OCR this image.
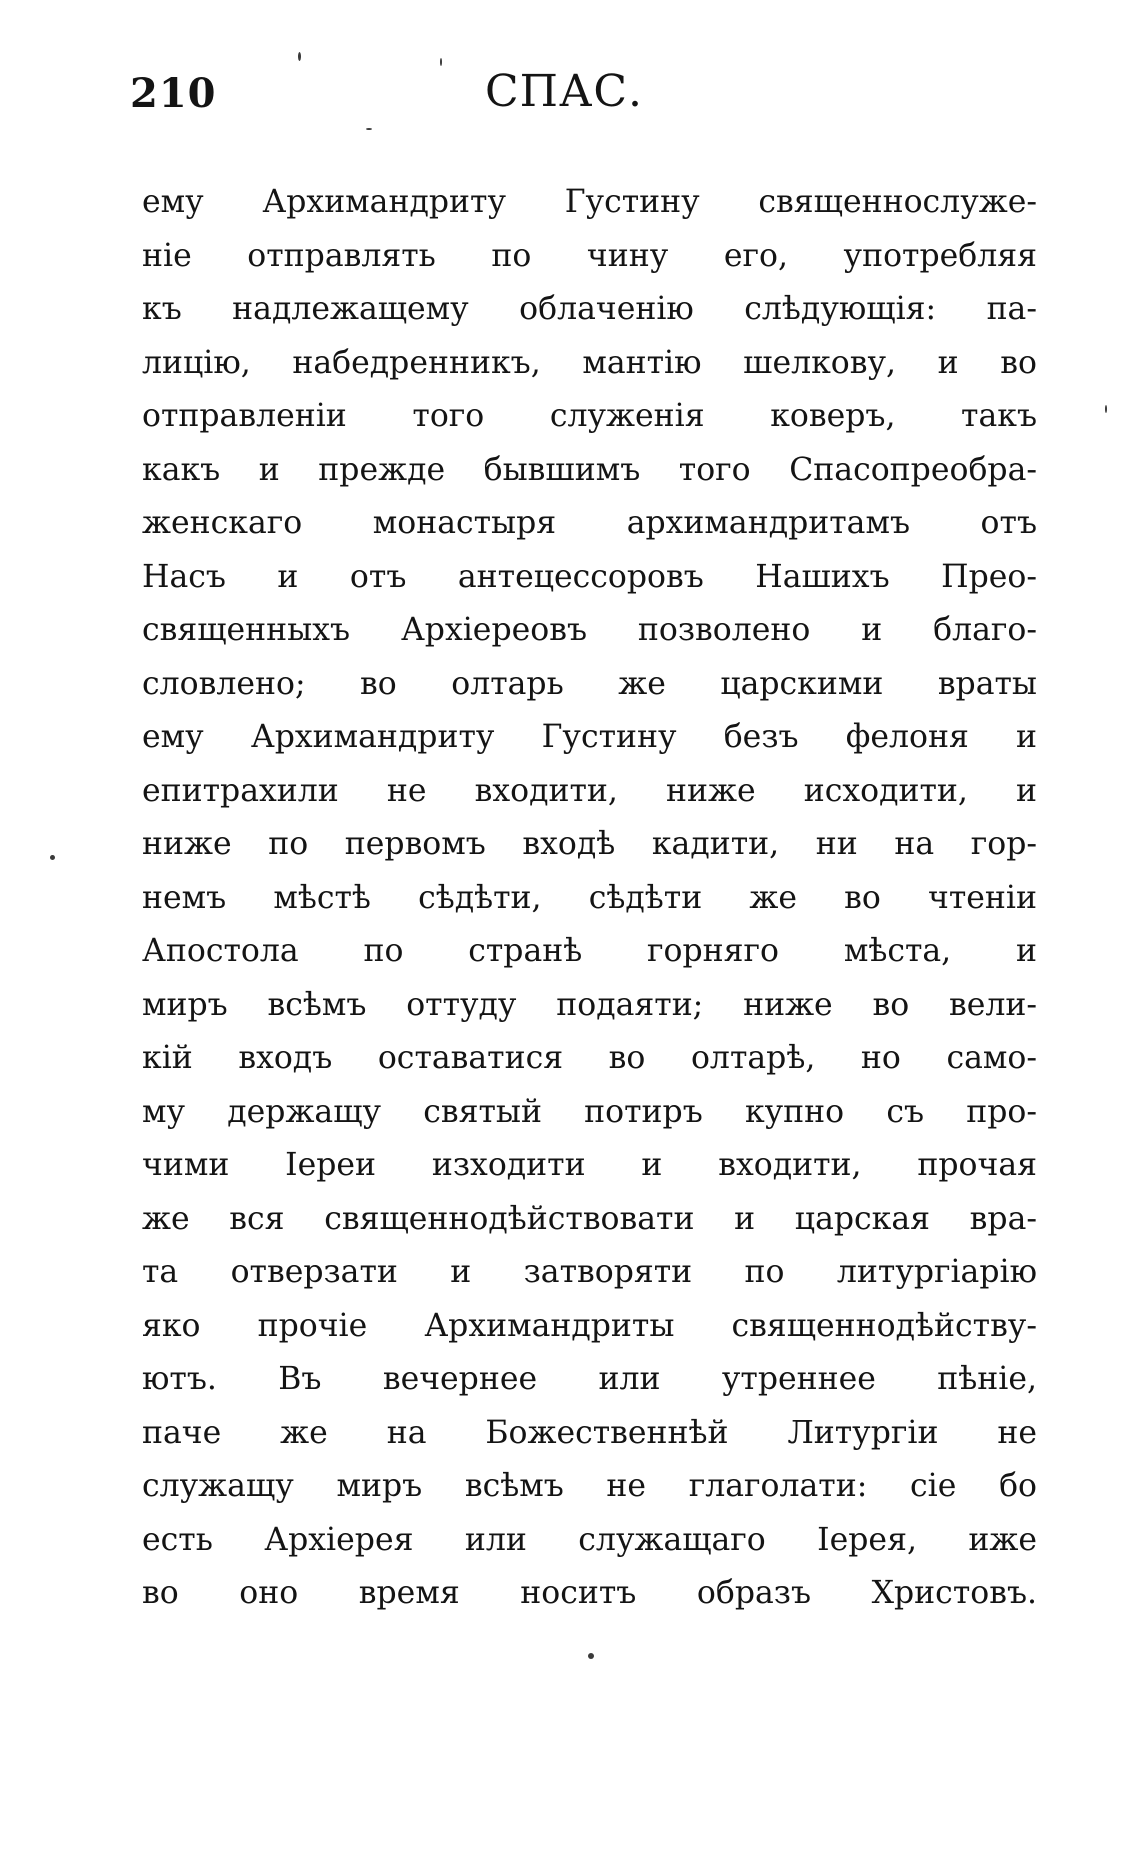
210	СПАС.
ему Архимандриту Густину священнослуже-
ніе отправлять по чину его, употребляя
къ надлежащему облаченію слѣдующія: па-
лицію, набедренникъ, мантію шелкову, и во
отправленіи того служенія коверъ, такъ
какъ и прежде бывшимъ того Спасопреобра-
женскаго монастыря архимандритамъ отъ
Насъ и отъ антецессоровъ Нашихъ Прео-
священныхъ Архіереовъ позволено и благо-
словлено; во олтарь же царскими враты
ему Архимандриту Густину безъ фелоня и
епитрахили не входити, ниже исходити, и
ниже по первомъ входѣ кадити, ни на гор-
немъ мѣстѣ сѣдѣти, сѣдѣти же во чтеніи
Апостола по странѣ горняго мѣста, и
миръ всѣмъ оттуду подаяти; ниже во вели-
кій входъ оставатися во олтарѣ, но само-
му держащу святый потиръ купно съ про-
чими Іереи изходити и входити, прочая
же вся священнодѣйствовати и царская вра-
та отверзати и затворяти по литургіарію
яко прочіе Архимандриты священнодѣйству-
ютъ. Въ вечернее или утреннее пѣніе,
паче же на Божественнѣй Литургіи не
служащу миръ всѣмъ не глаголати: сіе бо
есть Архіерея или служащаго Іерея, иже
во оно время носитъ образъ Христовъ.
